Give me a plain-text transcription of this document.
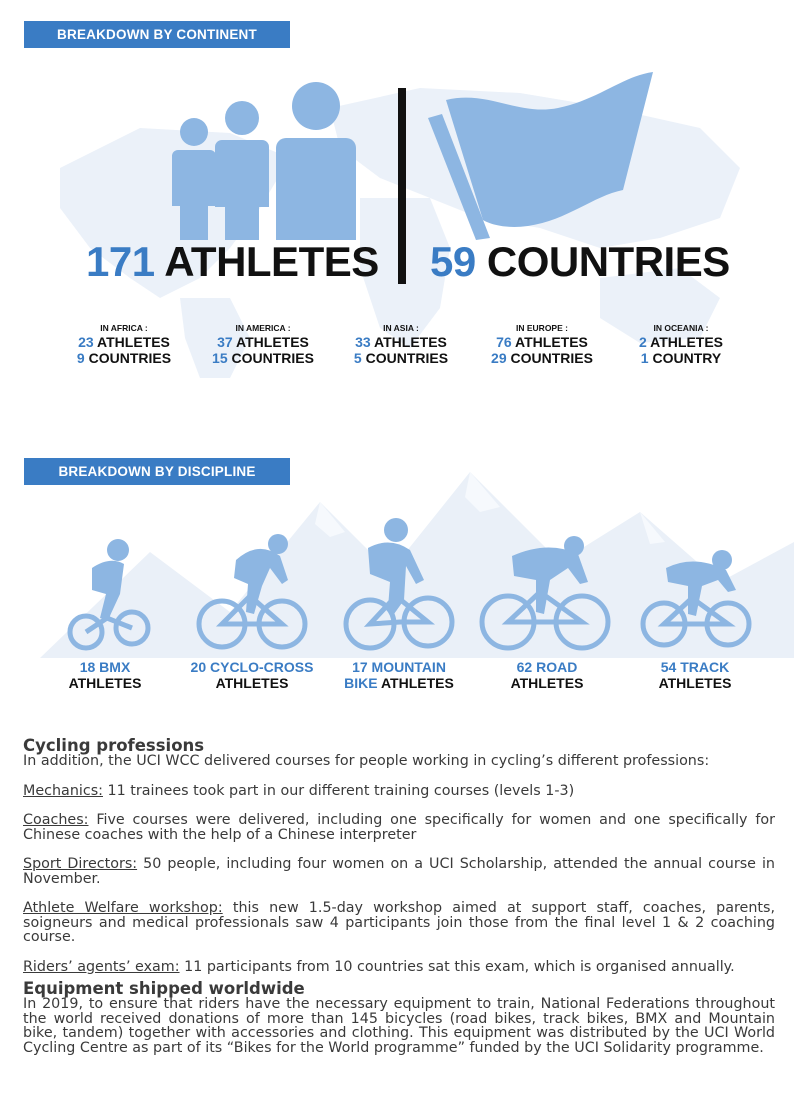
BREAKDOWN BY CONTINENT
171 ATHLETES 59 COUNTRIES
IN AFRICA :
23 ATHLETES
9 COUNTRIES
IN AMERICA :
37 ATHLETES
15 COUNTRIES
IN ASIA :
33 ATHLETES
5 COUNTRIES
IN EUROPE :
76 ATHLETES
29 COUNTRIES
IN OCEANIA :
2 ATHLETES
1 COUNTRY
BREAKDOWN BY DISCIPLINE
18 BMX
ATHLETES
20 CYCLO-CROSS
ATHLETES
17 MOUNTAIN
BIKE ATHLETES
62 ROAD
ATHLETES
54 TRACK
ATHLETES
Cycling professions

In addition, the UCI WCC delivered courses for people working in cycling’s different professions:

Mechanics: 11 trainees took part in our different training courses (levels 1-3)

Coaches: Five courses were delivered, including one specifically for women and one specifically for Chinese coaches with the help of a Chinese interpreter

Sport Directors: 50 people, including four women on a UCI Scholarship, attended the annual course in November.

Athlete Welfare workshop: this new 1.5-day workshop aimed at support staff, coaches, parents, soigneurs and medical professionals saw 4 participants join those from the final level 1 & 2 coaching course.

Riders’ agents’ exam: 11 participants from 10 countries sat this exam, which is organised annually.

Equipment shipped worldwide

In 2019, to ensure that riders have the necessary equipment to train, National Federations throughout the world received donations of more than 145 bicycles (road bikes, track bikes, BMX and Mountain bike, tandem) together with accessories and clothing. This equipment was distributed by the UCI World Cycling Centre as part of its “Bikes for the World programme” funded by the UCI Solidarity programme.
